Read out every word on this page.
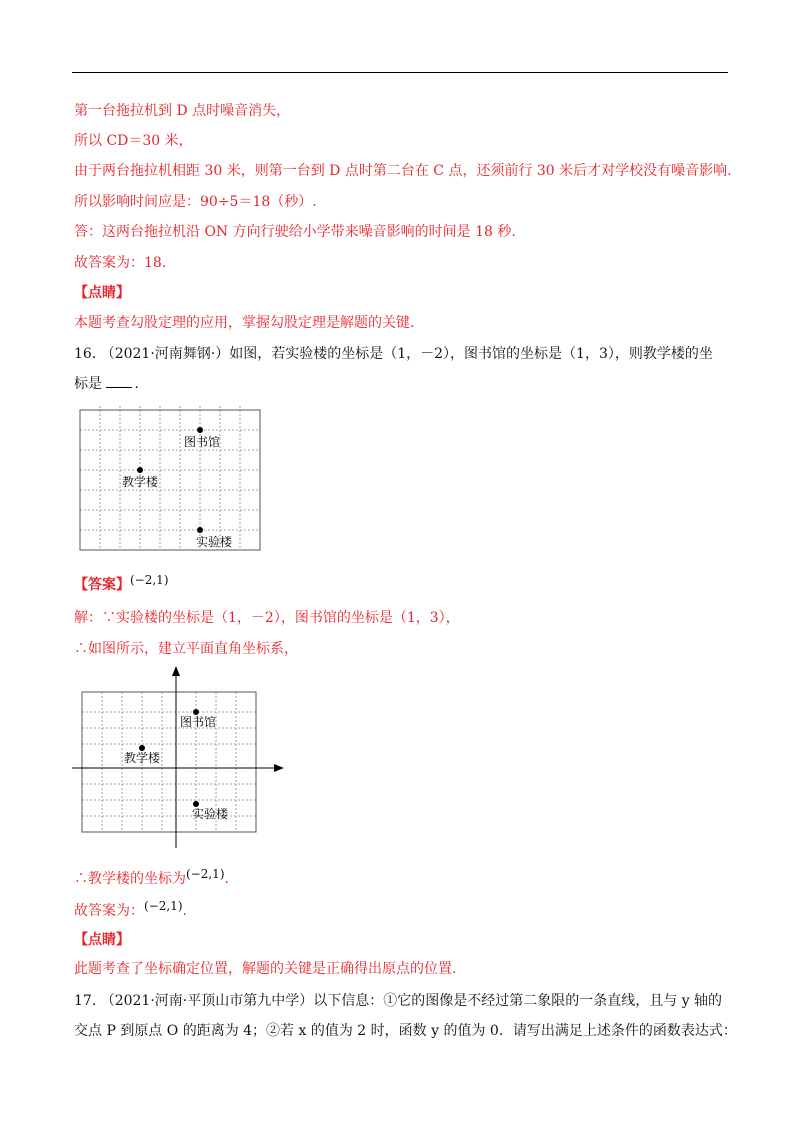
第一台拖拉机到 D 点时噪音消失，
所以 CD＝30 米，
由于两台拖拉机相距 30 米，则第一台到 D 点时第二台在 C 点，还须前行 30 米后才对学校没有噪音影响.
所以影响时间应是：90÷5＝18（秒）.
答：这两台拖拉机沿 ON 方向行驶给小学带来噪音影响的时间是 18 秒.
故答案为：18.
【点睛】
本题考查勾股定理的应用，掌握勾股定理是解题的关键.
16. （2021·河南舞钢·）如图，若实验楼的坐标是（1，－2），图书馆的坐标是（1，3），则教学楼的坐
标是 .
图书馆
教学楼
实验楼
【答案】(−2,1)
解：∵实验楼的坐标是（1，－2），图书馆的坐标是（1，3），
∴如图所示，建立平面直角坐标系，
图书馆
教学楼
实验楼
∴教学楼的坐标为(−2,1).
故答案为：(−2,1).
【点睛】
此题考查了坐标确定位置，解题的关键是正确得出原点的位置.
17. （2021·河南·平顶山市第九中学）以下信息：①它的图像是不经过第二象限的一条直线，且与 y 轴的
交点 P 到原点 O 的距离为 4；②若 x 的值为 2 时，函数 y 的值为 0．请写出满足上述条件的函数表达式：
